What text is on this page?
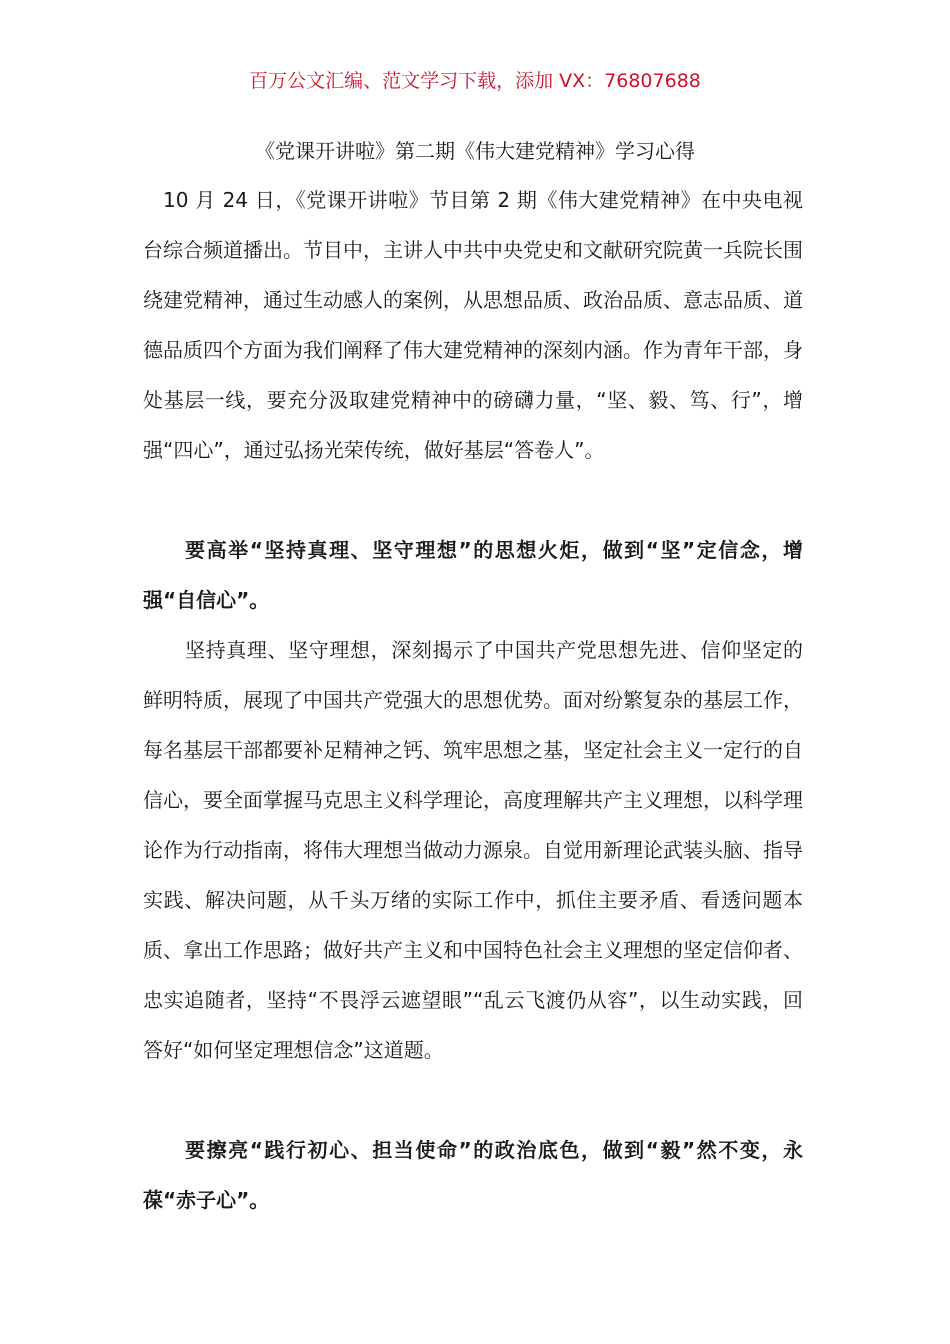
百万公文汇编、范文学习下载，添加 VX：76807688
《党课开讲啦》第二期《伟大建党精神》学习心得

10 月 24 日，《党课开讲啦》节目第 2 期《伟大建党精神》在中央电视台综合频道播出。节目中，主讲人中共中央党史和文献研究院黄一兵院长围绕建党精神，通过生动感人的案例，从思想品质、政治品质、意志品质、道德品质四个方面为我们阐释了伟大建党精神的深刻内涵。作为青年干部，身处基层一线，要充分汲取建党精神中的磅礴力量，“坚、毅、笃、行”，增强“四心”，通过弘扬光荣传统，做好基层“答卷人”。

要高举“坚持真理、坚守理想”的思想火炬，做到“坚”定信念，增强“自信心”。

坚持真理、坚守理想，深刻揭示了中国共产党思想先进、信仰坚定的鲜明特质，展现了中国共产党强大的思想优势。面对纷繁复杂的基层工作，每名基层干部都要补足精神之钙、筑牢思想之基，坚定社会主义一定行的自信心，要全面掌握马克思主义科学理论，高度理解共产主义理想，以科学理论作为行动指南，将伟大理想当做动力源泉。自觉用新理论武装头脑、指导实践、解决问题，从千头万绪的实际工作中，抓住主要矛盾、看透问题本质、拿出工作思路；做好共产主义和中国特色社会主义理想的坚定信仰者、忠实追随者，坚持“不畏浮云遮望眼”“乱云飞渡仍从容”，以生动实践，回答好“如何坚定理想信念”这道题。

要擦亮“践行初心、担当使命”的政治底色，做到“毅”然不变，永葆“赤子心”。
